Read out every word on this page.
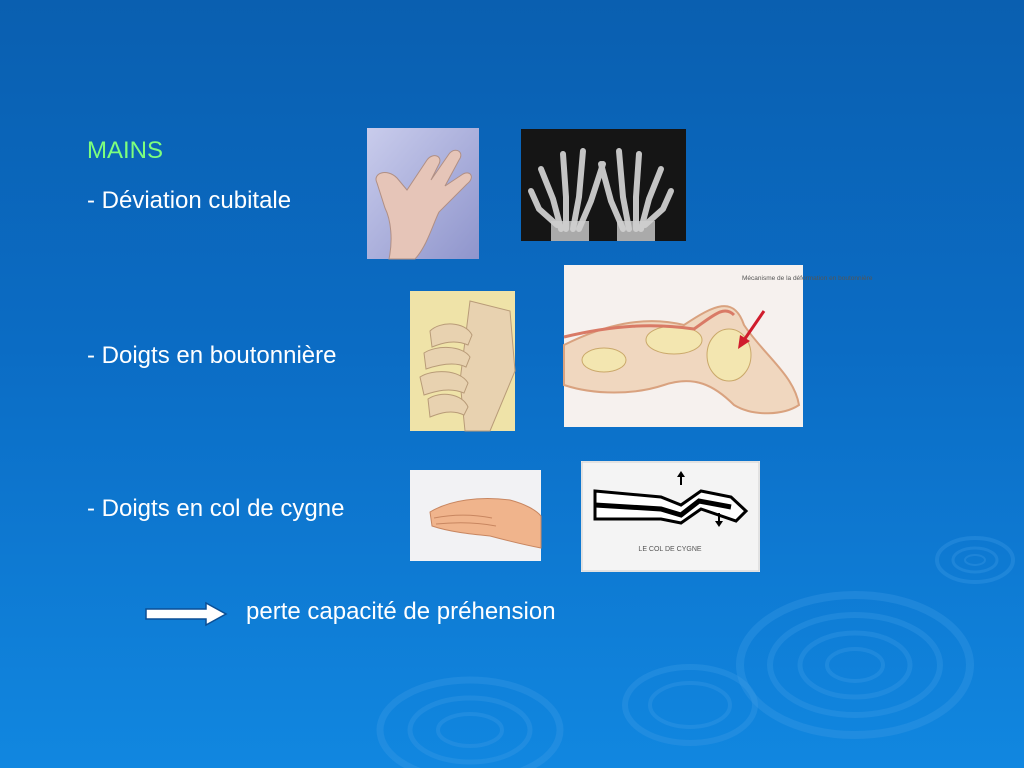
MAINS

- Déviation cubitale

- Doigts en boutonnière

- Doigts en col de cygne

perte capacité de préhension

Mécanisme de la déformation en boutonnière
LE COL DE CYGNE
